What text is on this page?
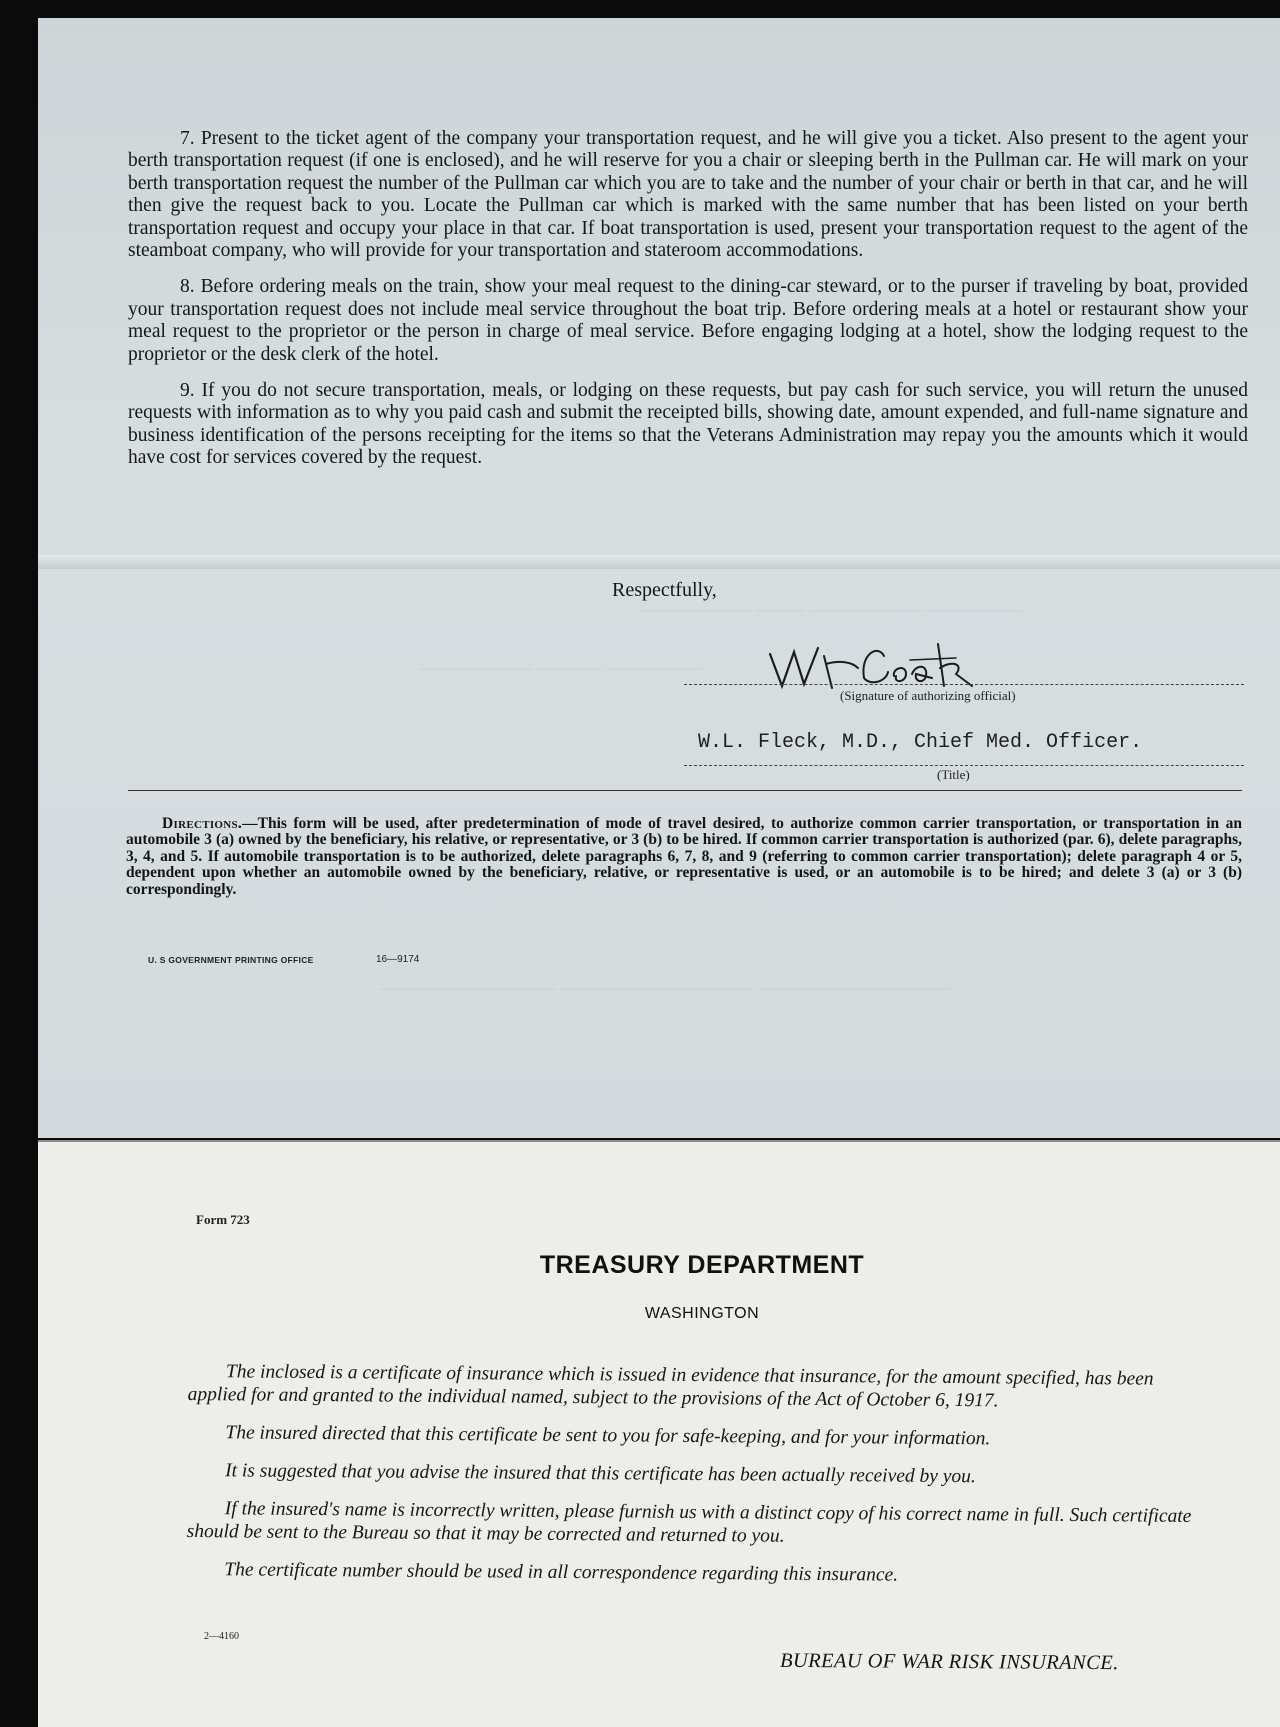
——————— ——— ——————— ——————
——————— ———— ——————
——————————— ———————————— ————————————

7. Present to the ticket agent of the company your transportation request, and he will give you a ticket. Also present to the agent your berth transportation request (if one is enclosed), and he will reserve for you a chair or sleeping berth in the Pullman car. He will mark on your berth transportation request the number of the Pullman car which you are to take and the number of your chair or berth in that car, and he will then give the request back to you. Locate the Pullman car which is marked with the same number that has been listed on your berth transportation request and occupy your place in that car. If boat transportation is used, present your transportation request to the agent of the steamboat company, who will provide for your transportation and stateroom accommodations.

8. Before ordering meals on the train, show your meal request to the dining-car steward, or to the purser if traveling by boat, provided your transportation request does not include meal service throughout the boat trip. Before ordering meals at a hotel or restaurant show your meal request to the proprietor or the person in charge of meal service. Before engaging lodging at a hotel, show the lodging request to the proprietor or the desk clerk of the hotel.

9. If you do not secure transportation, meals, or lodging on these requests, but pay cash for such service, you will return the unused requests with information as to why you paid cash and submit the receipted bills, showing date, amount expended, and full-name signature and business identification of the persons receipting for the items so that the Veterans Administration may repay you the amounts which it would have cost for services covered by the request.

Respectfully,
(Signature of authorizing official)
W.L. Fleck, M.D., Chief Med. Officer.
(Title)
Directions.—This form will be used, after predetermination of mode of travel desired, to authorize common carrier transportation, or transportation in an automobile 3 (a) owned by the beneficiary, his relative, or representative, or 3 (b) to be hired. If common carrier transportation is authorized (par. 6), delete paragraphs, 3, 4, and 5. If automobile transportation is to be authorized, delete paragraphs 6, 7, 8, and 9 (referring to common carrier transportation); delete paragraph 4 or 5, dependent upon whether an automobile owned by the beneficiary, relative, or representative is used, or an automobile is to be hired; and delete 3 (a) or 3 (b) correspondingly.
U. S GOVERNMENT PRINTING OFFICE	16—9174
Form 723
TREASURY DEPARTMENT
WASHINGTON

The inclosed is a certificate of insurance which is issued in evidence that insurance, for the amount specified, has been applied for and granted to the individual named, subject to the provisions of the Act of October 6, 1917.

The insured directed that this certificate be sent to you for safe-keeping, and for your information.

It is suggested that you advise the insured that this certificate has been actually received by you.

If the insured's name is incorrectly written, please furnish us with a distinct copy of his correct name in full. Such certificate should be sent to the Bureau so that it may be corrected and returned to you.

The certificate number should be used in all correspondence regarding this insurance.

2—4160
BUREAU OF WAR RISK INSURANCE.
